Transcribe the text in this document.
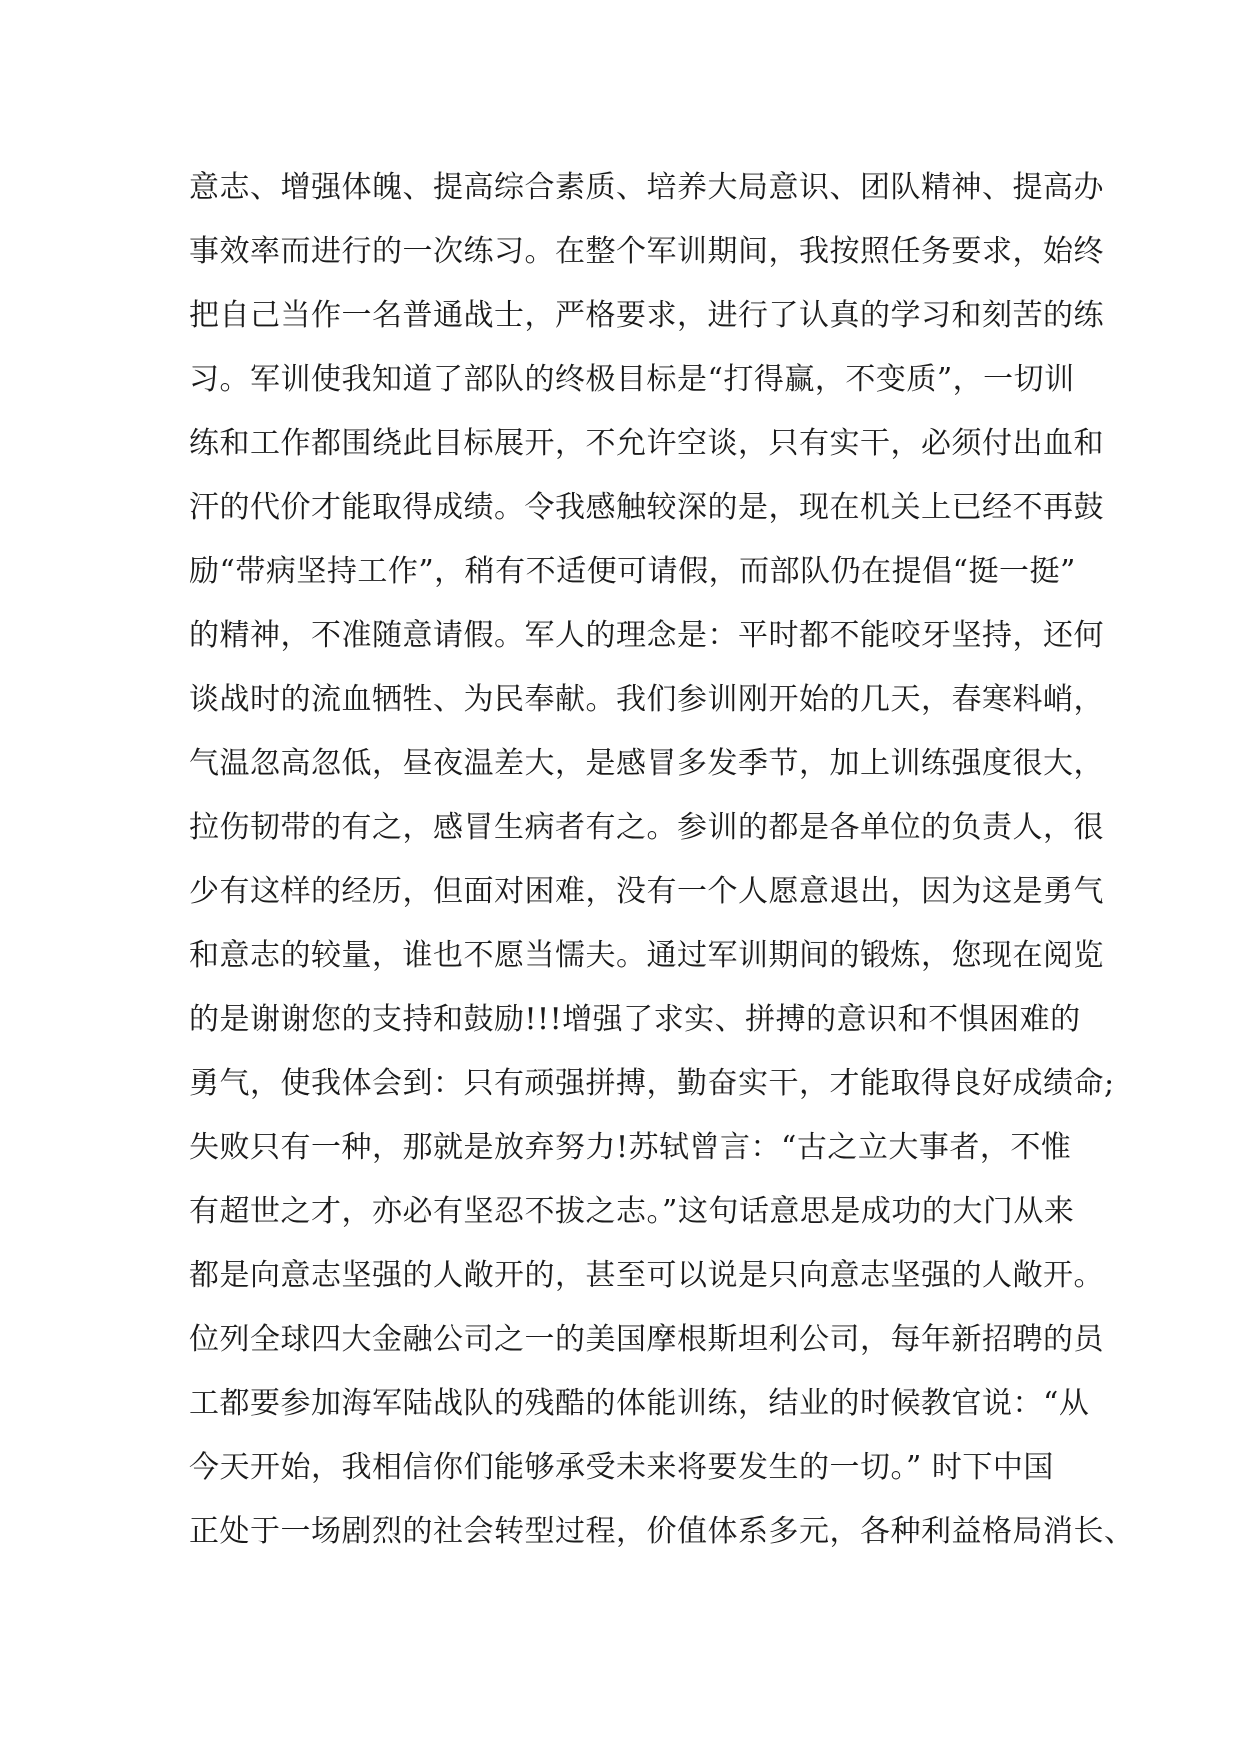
意志、增强体魄、提高综合素质、培养大局意识、团队精神、提高办
事效率而进行的一次练习。在整个军训期间，我按照任务要求，始终
把自己当作一名普通战士，严格要求，进行了认真的学习和刻苦的练
习。军训使我知道了部队的终极目标是“打得赢，不变质”，一切训
练和工作都围绕此目标展开，不允许空谈，只有实干，必须付出血和
汗的代价才能取得成绩。令我感触较深的是，现在机关上已经不再鼓
励“带病坚持工作”，稍有不适便可请假，而部队仍在提倡“挺一挺”
的精神，不准随意请假。军人的理念是：平时都不能咬牙坚持，还何
谈战时的流血牺牲、为民奉献。我们参训刚开始的几天，春寒料峭，
气温忽高忽低，昼夜温差大，是感冒多发季节，加上训练强度很大，
拉伤韧带的有之，感冒生病者有之。参训的都是各单位的负责人，很
少有这样的经历，但面对困难，没有一个人愿意退出，因为这是勇气
和意志的较量，谁也不愿当懦夫。通过军训期间的锻炼，您现在阅览
的是谢谢您的支持和鼓励!!!增强了求实、拼搏的意识和不惧困难的
勇气，使我体会到：只有顽强拼搏，勤奋实干，才能取得良好成绩命;
失败只有一种，那就是放弃努力!苏轼曾言：“古之立大事者，不惟
有超世之才，亦必有坚忍不拔之志。”这句话意思是成功的大门从来
都是向意志坚强的人敞开的，甚至可以说是只向意志坚强的人敞开。
位列全球四大金融公司之一的美国摩根斯坦利公司，每年新招聘的员
工都要参加海军陆战队的残酷的体能训练，结业的时候教官说：“从
今天开始，我相信你们能够承受未来将要发生的一切。” 时下中国
正处于一场剧烈的社会转型过程，价值体系多元，各种利益格局消长、
